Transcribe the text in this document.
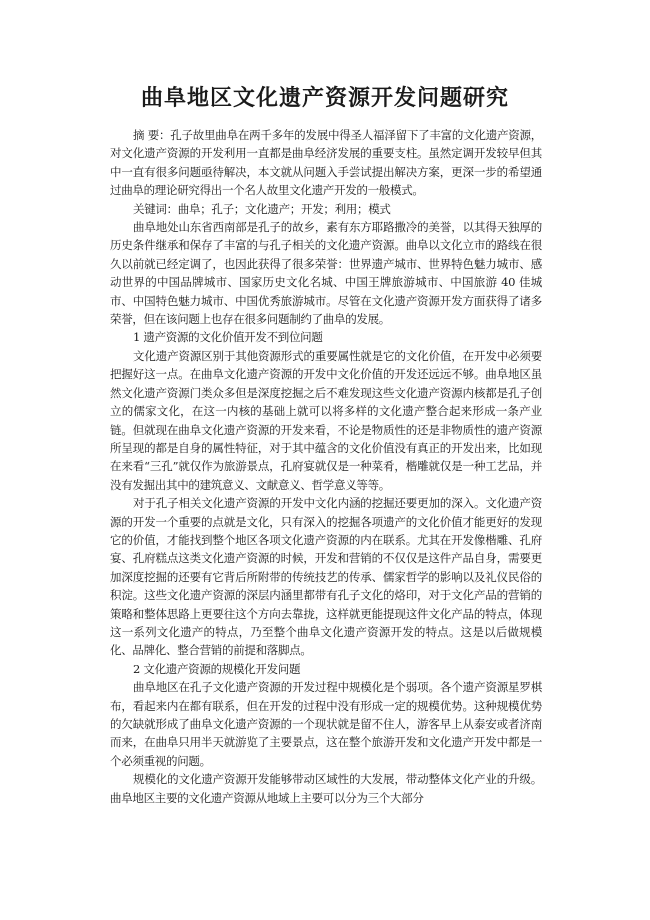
曲阜地区文化遗产资源开发问题研究

摘 要：孔子故里曲阜在两千多年的发展中得圣人福泽留下了丰富的文化遗产资源，对文化遗产资源的开发利用一直都是曲阜经济发展的重要支柱。虽然定调开发较早但其中一直有很多问题亟待解决，本文就从问题入手尝试提出解决方案，更深一步的希望通过曲阜的理论研究得出一个名人故里文化遗产开发的一般模式。

关键词：曲阜；孔子；文化遗产；开发；利用；模式

曲阜地处山东省西南部是孔子的故乡，素有东方耶路撒冷的美誉，以其得天独厚的历史条件继承和保存了丰富的与孔子相关的文化遗产资源。曲阜以文化立市的路线在很久以前就已经定调了，也因此获得了很多荣誉：世界遗产城市、世界特色魅力城市、感动世界的中国品牌城市、国家历史文化名城、中国王牌旅游城市、中国旅游 40 佳城市、中国特色魅力城市、中国优秀旅游城市。尽管在文化遗产资源开发方面获得了诸多荣誉，但在该问题上也存在很多问题制约了曲阜的发展。

1 遗产资源的文化价值开发不到位问题

文化遗产资源区别于其他资源形式的重要属性就是它的文化价值，在开发中必须要把握好这一点。在曲阜文化遗产资源的开发中文化价值的开发还远远不够。曲阜地区虽然文化遗产资源门类众多但是深度挖掘之后不难发现这些文化遗产资源内核都是孔子创立的儒家文化，在这一内核的基础上就可以将多样的文化遗产整合起来形成一条产业链。但就现在曲阜文化遗产资源的开发来看，不论是物质性的还是非物质性的遗产资源所呈现的都是自身的属性特征，对于其中蕴含的文化价值没有真正的开发出来，比如现在来看“三孔”就仅作为旅游景点，孔府宴就仅是一种菜肴，楷雕就仅是一种工艺品，并没有发掘出其中的建筑意义、文献意义、哲学意义等等。

对于孔子相关文化遗产资源的开发中文化内涵的挖掘还要更加的深入。文化遗产资源的开发一个重要的点就是文化，只有深入的挖掘各项遗产的文化价值才能更好的发现它的价值，才能找到整个地区各项文化遗产资源的内在联系。尤其在开发像楷雕、孔府宴、孔府糕点这类文化遗产资源的时候，开发和营销的不仅仅是这件产品自身，需要更加深度挖掘的还要有它背后所附带的传统技艺的传承、儒家哲学的影响以及礼仪民俗的积淀。这些文化遗产资源的深层内涵里都带有孔子文化的烙印，对于文化产品的营销的策略和整体思路上更要往这个方向去靠拢，这样就更能提现这件文化产品的特点，体现这一系列文化遗产的特点，乃至整个曲阜文化遗产资源开发的特点。这是以后做规模化、品牌化、整合营销的前提和落脚点。

2 文化遗产资源的规模化开发问题

曲阜地区在孔子文化遗产资源的开发过程中规模化是个弱项。各个遗产资源星罗棋布，看起来内在都有联系，但在开发的过程中没有形成一定的规模优势。这种规模优势的欠缺就形成了曲阜文化遗产资源的一个现状就是留不住人，游客早上从泰安或者济南而来，在曲阜只用半天就游览了主要景点，这在整个旅游开发和文化遗产开发中都是一个必须重视的问题。

规模化的文化遗产资源开发能够带动区域性的大发展，带动整体文化产业的升级。曲阜地区主要的文化遗产资源从地域上主要可以分为三个大部分
